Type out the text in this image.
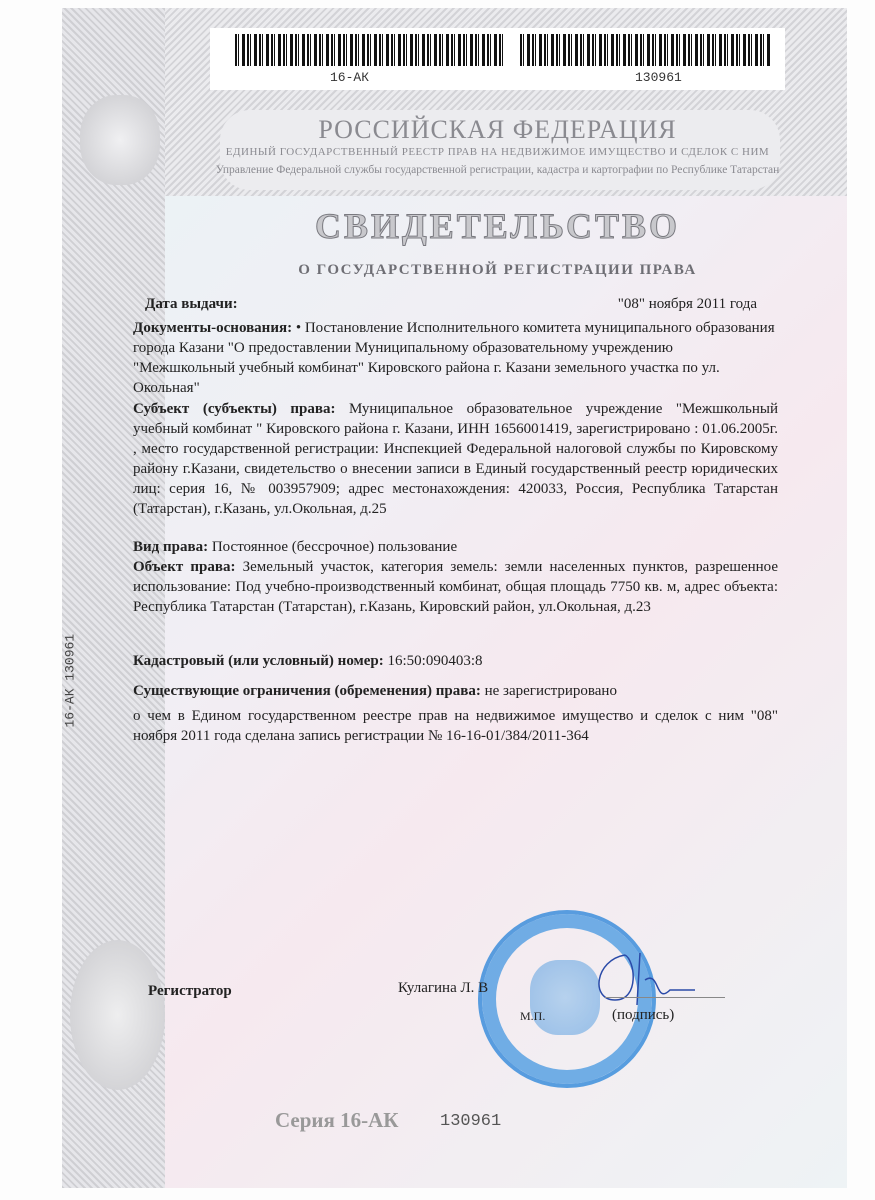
16-АК	130961
РОССИЙСКАЯ ФЕДЕРАЦИЯ
ЕДИНЫЙ ГОСУДАРСТВЕННЫЙ РЕЕСТР ПРАВ НА НЕДВИЖИМОЕ ИМУЩЕСТВО И СДЕЛОК С НИМ
Управление Федеральной службы государственной регистрации, кадастра и картографии по Республике Татарстан
СВИДЕТЕЛЬСТВО
О ГОСУДАРСТВЕННОЙ РЕГИСТРАЦИИ ПРАВА
16-АК 130961
Дата выдачи:	"08" ноября 2011 года
Документы-основания: • Постановление Исполнительного комитета муниципального образования города Казани "О предоставлении Муниципальному образовательному учреждению "Межшкольный учебный комбинат" Кировского района г. Казани земельного участка по ул. Окольная"
Субъект (субъекты) права: Муниципальное образовательное учреждение "Межшкольный учебный комбинат " Кировского района г. Казани, ИНН 1656001419, зарегистрировано : 01.06.2005г. , место государственной регистрации: Инспекцией Федеральной налоговой службы по Кировскому району г.Казани, свидетельство о внесении записи в Единый государственный реестр юридических лиц: серия 16, № 003957909; адрес местонахождения: 420033, Россия, Республика Татарстан (Татарстан), г.Казань, ул.Окольная, д.25
Вид права: Постоянное (бессрочное) пользование
Объект права: Земельный участок, категория земель: земли населенных пунктов, разрешенное использование: Под учебно-производственный комбинат, общая площадь 7750 кв. м, адрес объекта: Республика Татарстан (Татарстан), г.Казань, Кировский район, ул.Окольная, д.23
Кадастровый (или условный) номер: 16:50:090403:8
Существующие ограничения (обременения) права: не зарегистрировано
о чем в Едином государственном реестре прав на недвижимое имущество и сделок с ним "08" ноября 2011 года сделана запись регистрации № 16-16-01/384/2011-364
Регистратор	Кулагина Л. В
М.П.	(подпись)
Серия 16-АК 130961
